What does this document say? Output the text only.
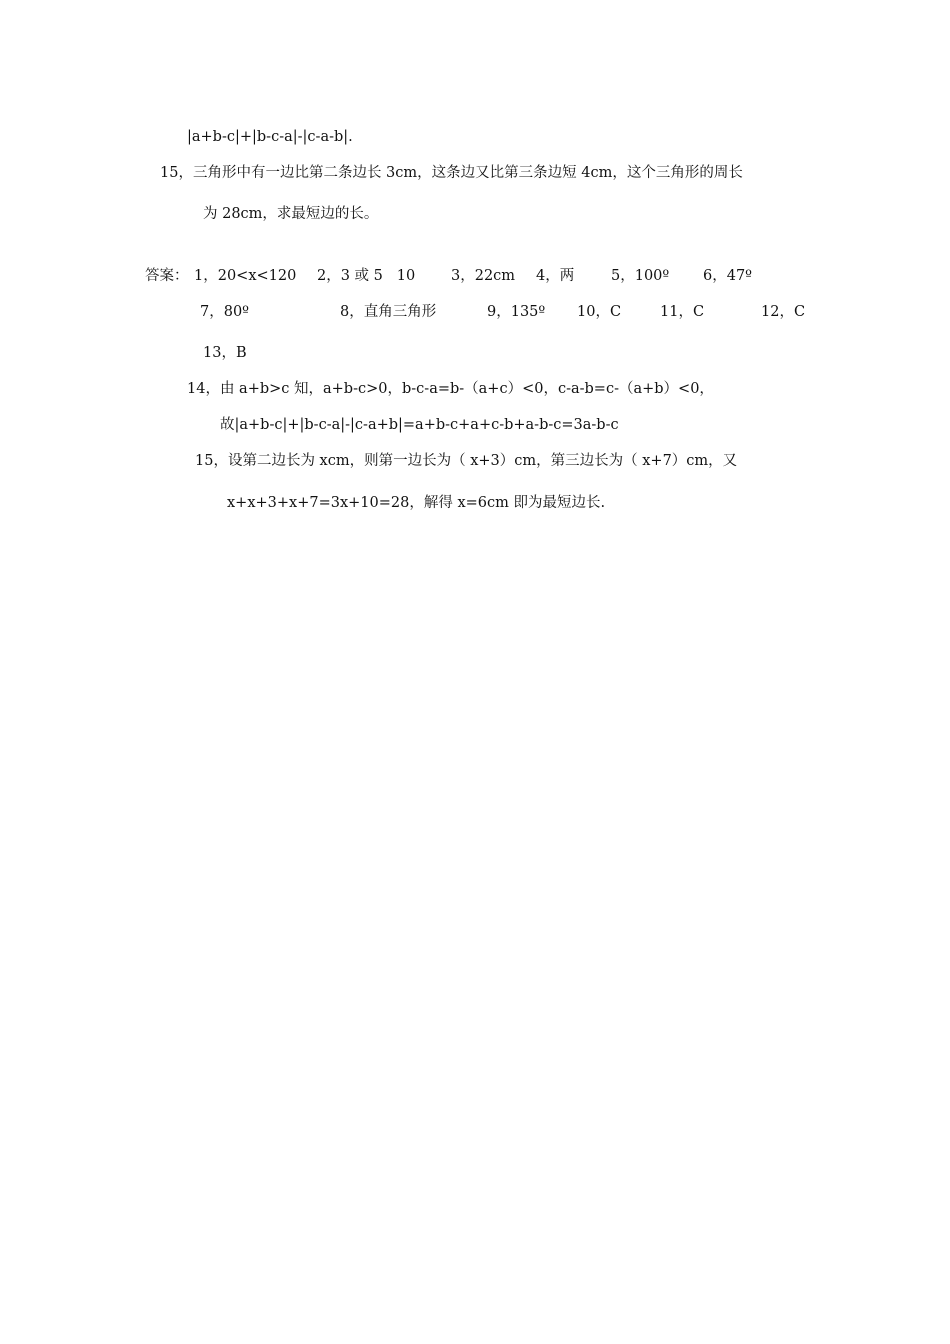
|a+b-c|+|b-c-a|-|c-a-b|.
15，三角形中有一边比第二条边长 3cm，这条边又比第三条边短 4cm，这个三角形的周长
为 28cm，求最短边的长。

答案：

1，20<x<120

2，3 或 5   10

3，22cm

4，两

	5，100º

6，47º

7，80º

	8，直角三角形

	9，135º

10，C

	11，C

	12，C

13，B
14，由 a+b>c 知，a+b-c>0，b-c-a=b-（a+c）<0，c-a-b=c-（a+b）<0，
故|a+b-c|+|b-c-a|-|c-a+b|=a+b-c+a+c-b+a-b-c=3a-b-c
15，设第二边长为 xcm，则第一边长为（ x+3）cm，第三边长为（ x+7）cm，又
x+x+3+x+7=3x+10=28，解得 x=6cm 即为最短边长.
